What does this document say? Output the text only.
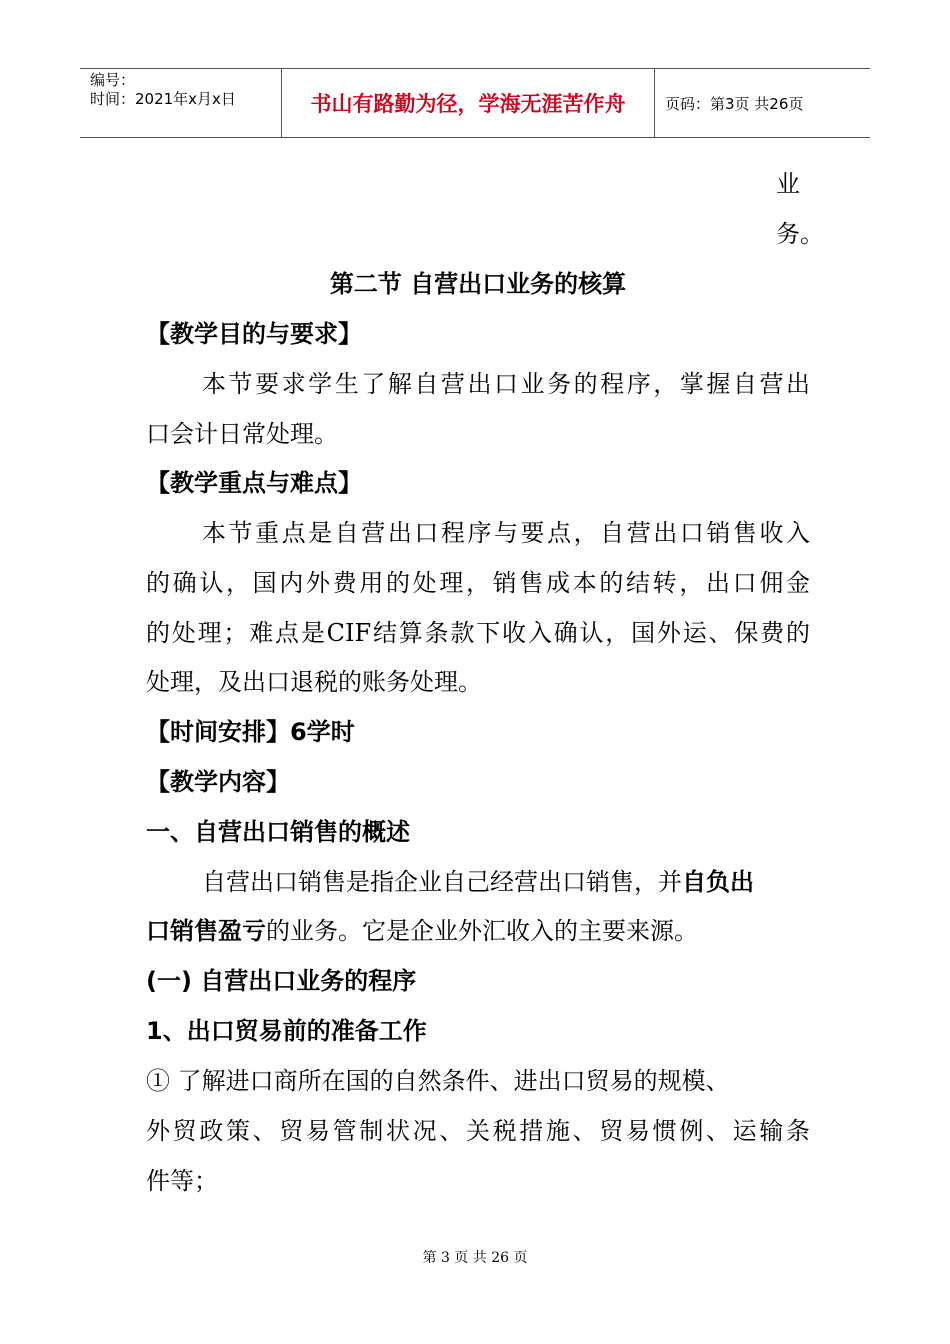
编号：
时间：2021年x月x日	书山有路勤为径，学海无涯苦作舟	页码：第3页 共26页
业
务。
第二节 自营出口业务的核算
【教学目的与要求】
本节要求学生了解自营出口业务的程序，掌握自营出
口会计日常处理。
【教学重点与难点】
本节重点是自营出口程序与要点，自营出口销售收入
的确认，国内外费用的处理，销售成本的结转，出口佣金
的处理；难点是CIF结算条款下收入确认，国外运、保费的
处理，及出口退税的账务处理。
【时间安排】6学时
【教学内容】
一、自营出口销售的概述
自营出口销售是指企业自己经营出口销售，并自负出
口销售盈亏的业务。它是企业外汇收入的主要来源。
(一) 自营出口业务的程序
1、出口贸易前的准备工作
① 了解进口商所在国的自然条件、进出口贸易的规模、
外贸政策、贸易管制状况、关税措施、贸易惯例、运输条
件等；
第 3 页 共 26 页
